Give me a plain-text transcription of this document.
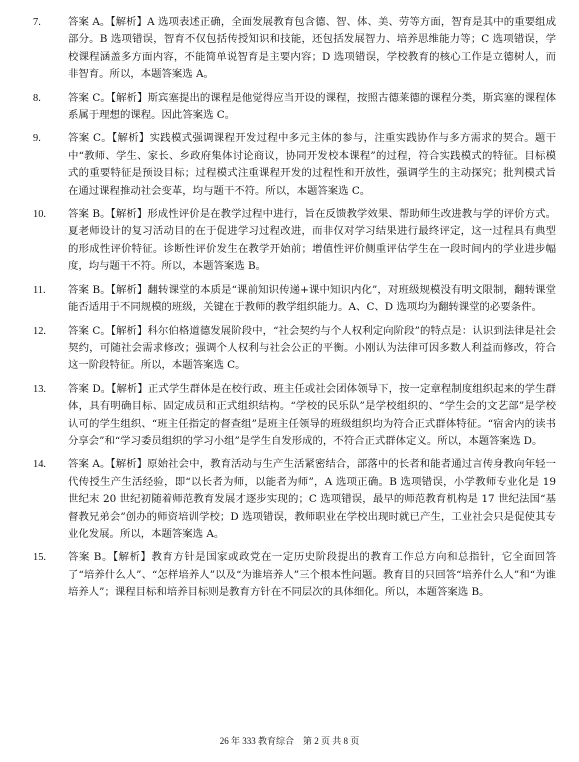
7.	答案 A。【解析】A 选项表述正确，全面发展教育包含德、智、体、美、劳等方面，智育是其中的重要组成部分。B 选项错误，智育不仅包括传授知识和技能，还包括发展智力、培养思维能力等；C 选项错误，学校课程涵盖多方面内容，不能简单说智育是主要内容；D 选项错误，学校教育的核心工作是立德树人，而非智育。所以，本题答案选 A。
8.	答案 C。【解析】斯宾塞提出的课程是他觉得应当开设的课程，按照古德莱德的课程分类，斯宾塞的课程体系属于理想的课程。因此答案选 C。
9.	答案 C。【解析】实践模式强调课程开发过程中多元主体的参与，注重实践协作与多方需求的契合。题干中“教师、学生、家长、乡政府集体讨论商议，协同开发校本课程”的过程，符合实践模式的特征。目标模式的重要特征是预设目标；过程模式注重课程开发的过程性和开放性，强调学生的主动探究；批判模式旨在通过课程推动社会变革，均与题干不符。所以，本题答案选 C。
10.	答案 B。【解析】形成性评价是在教学过程中进行，旨在反馈教学效果、帮助师生改进教与学的评价方式。夏老师设计的复习活动目的在于促进学习过程改进，而非仅对学习结果进行最终评定，这一过程具有典型的形成性评价特征。诊断性评价发生在教学开始前；增值性评价侧重评估学生在一段时间内的学业进步幅度，均与题干不符。所以，本题答案选 B。
11.	答案 B。【解析】翻转课堂的本质是“课前知识传递+课中知识内化”，对班级规模没有明文限制，翻转课堂能否适用于不同规模的班级，关键在于教师的教学组织能力。A、C、D 选项均为翻转课堂的必要条件。
12.	答案 C。【解析】科尔伯格道德发展阶段中，“社会契约与个人权利定向阶段”的特点是：认识到法律是社会契约，可随社会需求修改；强调个人权利与社会公正的平衡。小刚认为法律可因多数人利益而修改，符合这一阶段特征。所以，本题答案选 C。
13.	答案 D。【解析】正式学生群体是在校行政、班主任或社会团体领导下，按一定章程制度组织起来的学生群体，具有明确目标、固定成员和正式组织结构。“学校的民乐队”是学校组织的、“学生会的文艺部”是学校认可的学生组织、“班主任指定的督查组”是班主任领导的班级组织均为符合正式群体特征。“宿舍内的读书分享会”和“学习委员组织的学习小组”是学生自发形成的，不符合正式群体定义。所以，本题答案选 D。
14.	答案 A。【解析】原始社会中，教育活动与生产生活紧密结合，部落中的长者和能者通过言传身教向年轻一代传授生产生活经验，即“以长者为师，以能者为师”，A 选项正确。B 选项错误，小学教师专业化是 19 世纪末 20 世纪初随着师范教育发展才逐步实现的；C 选项错误，最早的师范教育机构是 17 世纪法国“基督教兄弟会”创办的师资培训学校；D 选项错误，教师职业在学校出现时就已产生，工业社会只是促使其专业化发展。所以，本题答案选 A。
15.	答案 B。【解析】教育方针是国家或政党在一定历史阶段提出的教育工作总方向和总指针，它全面回答了“培养什么人”、“怎样培养人”以及“为谁培养人”三个根本性问题。教育目的只回答“培养什么人”和“为谁培养人”；课程目标和培养目标则是教育方针在不同层次的具体细化。所以，本题答案选 B。
26 年 333 教育综合　第 2 页 共 8 页
